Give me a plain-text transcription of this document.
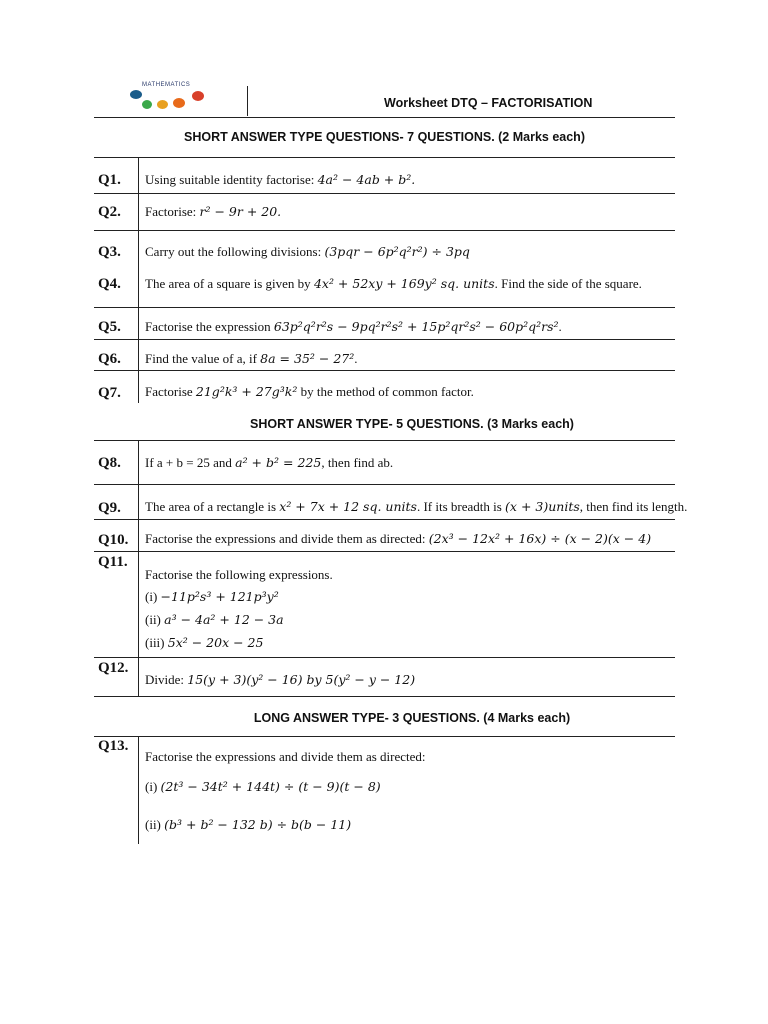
MATHEMATICS
Worksheet DTQ – FACTORISATION
SHORT ANSWER TYPE QUESTIONS- 7 QUESTIONS. (2 Marks each)
Q1. Using suitable identity factorise: 4a² − 4ab + b².
Q2. Factorise: r² − 9r + 20.
Q3. Carry out the following divisions: (3pqr − 6p²q²r²) ÷ 3pq
Q4. The area of a square is given by 4x² + 52xy + 169y² sq. units. Find the side of the square.
Q5. Factorise the expression 63p²q²r²s − 9pq²r²s² + 15p²qr²s² − 60p²q²rs².
Q6. Find the value of a, if 8a = 35² − 27².
Q7. Factorise 21g²k³ + 27g³k² by the method of common factor.
SHORT ANSWER TYPE- 5 QUESTIONS. (3 Marks each)
Q8. If a + b = 25 and a² + b² = 225, then find ab.
Q9. The area of a rectangle is x² + 7x + 12 sq. units. If its breadth is (x + 3)units, then find its length.
Q10. Factorise the expressions and divide them as directed: (2x³ − 12x² + 16x) ÷ (x − 2)(x − 4)
Q11.
Factorise the following expressions.
(i) −11p²s³ + 121p³y²
(ii) a³ − 4a² + 12 − 3a
(iii) 5x² − 20x − 25
Q12.
Divide: 15(y + 3)(y² − 16) by 5(y² − y − 12)
LONG ANSWER TYPE- 3 QUESTIONS. (4 Marks each)
Q13.
Factorise the expressions and divide them as directed:
(i) (2t³ − 34t² + 144t) ÷ (t − 9)(t − 8)
(ii) (b³ + b² − 132 b) ÷ b(b − 11)
